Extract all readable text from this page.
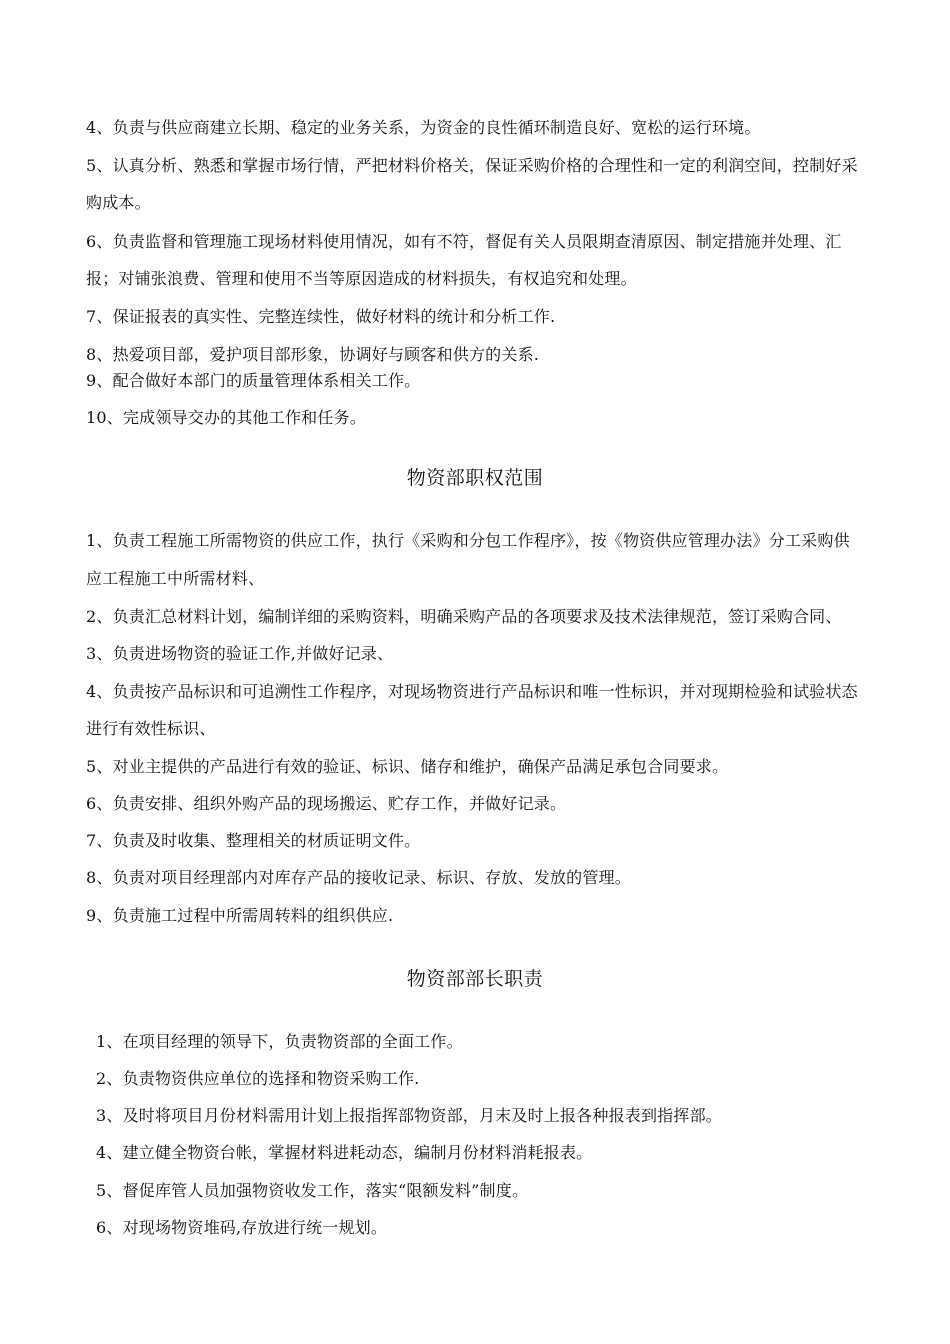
4、负责与供应商建立长期、稳定的业务关系，为资金的良性循环制造良好、宽松的运行环境。

5、认真分析、熟悉和掌握市场行情，严把材料价格关，保证采购价格的合理性和一定的利润空间，控制好采

购成本。

6、负责监督和管理施工现场材料使用情况，如有不符，督促有关人员限期查清原因、制定措施并处理、汇

报；对铺张浪费、管理和使用不当等原因造成的材料损失，有权追究和处理。

7、保证报表的真实性、完整连续性，做好材料的统计和分析工作.

8、热爱项目部，爱护项目部形象，协调好与顾客和供方的关系.

9、配合做好本部门的质量管理体系相关工作。

10、完成领导交办的其他工作和任务。

物资部职权范围

1、负责工程施工所需物资的供应工作，执行《采购和分包工作程序》，按《物资供应管理办法》分工采购供

应工程施工中所需材料、

2、负责汇总材料计划，编制详细的采购资料，明确采购产品的各项要求及技术法律规范，签订采购合同、

3、负责进场物资的验证工作,并做好记录、

4、负责按产品标识和可追溯性工作程序，对现场物资进行产品标识和唯一性标识，并对现期检验和试验状态

进行有效性标识、

5、对业主提供的产品进行有效的验证、标识、储存和维护，确保产品满足承包合同要求。

6、负责安排、组织外购产品的现场搬运、贮存工作，并做好记录。

7、负责及时收集、整理相关的材质证明文件。

8、负责对项目经理部内对库存产品的接收记录、标识、存放、发放的管理。

9、负责施工过程中所需周转料的组织供应.

物资部部长职责

1、在项目经理的领导下，负责物资部的全面工作。

2、负责物资供应单位的选择和物资采购工作.

3、及时将项目月份材料需用计划上报指挥部物资部，月末及时上报各种报表到指挥部。

4、建立健全物资台帐，掌握材料进耗动态，编制月份材料消耗报表。

5、督促库管人员加强物资收发工作，落实“限额发料”制度。

6、对现场物资堆码,存放进行统一规划。
